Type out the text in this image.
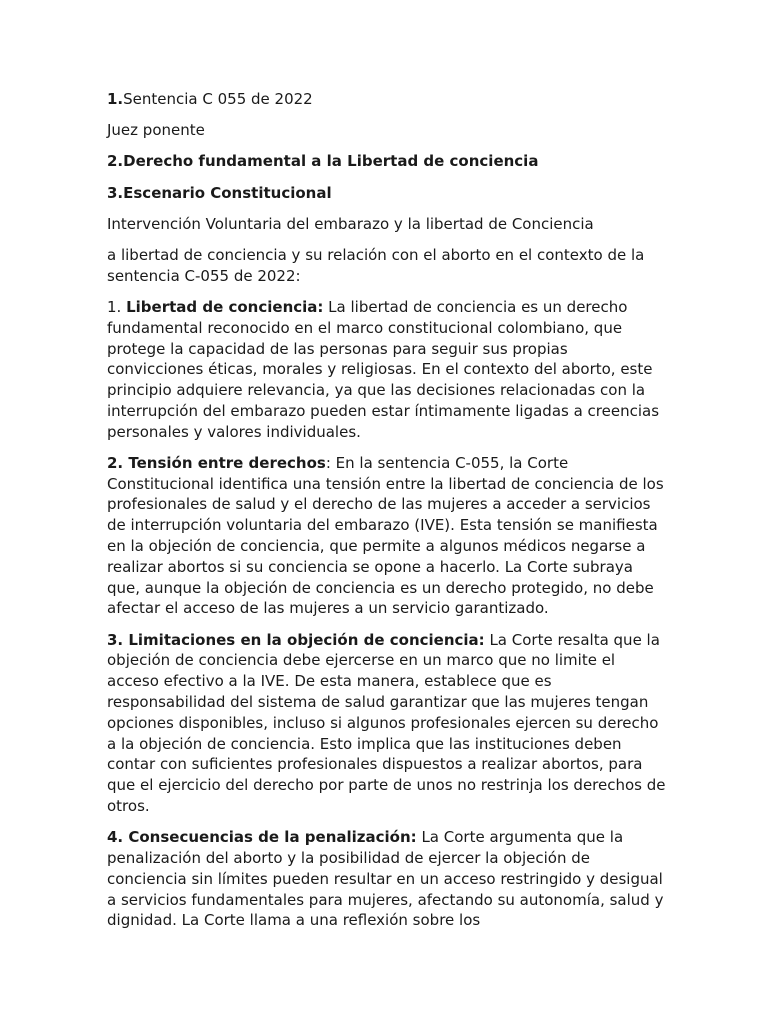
1.Sentencia C 055 de 2022

Juez ponente

2.Derecho fundamental a la Libertad de conciencia

3.Escenario Constitucional

Intervención Voluntaria del embarazo y la libertad de Conciencia

a libertad de conciencia y su relación con el aborto en el contexto de la sentencia C-055 de 2022:

1. Libertad de conciencia: La libertad de conciencia es un derecho fundamental reconocido en el marco constitucional colombiano, que protege la capacidad de las personas para seguir sus propias convicciones éticas, morales y religiosas. En el contexto del aborto, este principio adquiere relevancia, ya que las decisiones relacionadas con la interrupción del embarazo pueden estar íntimamente ligadas a creencias personales y valores individuales.

2. Tensión entre derechos: En la sentencia C-055, la Corte Constitucional identifica una tensión entre la libertad de conciencia de los profesionales de salud y el derecho de las mujeres a acceder a servicios de interrupción voluntaria del embarazo (IVE). Esta tensión se manifiesta en la objeción de conciencia, que permite a algunos médicos negarse a realizar abortos si su conciencia se opone a hacerlo. La Corte subraya que, aunque la objeción de conciencia es un derecho protegido, no debe afectar el acceso de las mujeres a un servicio garantizado.

3. Limitaciones en la objeción de conciencia: La Corte resalta que la objeción de conciencia debe ejercerse en un marco que no limite el acceso efectivo a la IVE. De esta manera, establece que es responsabilidad del sistema de salud garantizar que las mujeres tengan opciones disponibles, incluso si algunos profesionales ejercen su derecho a la objeción de conciencia. Esto implica que las instituciones deben contar con suficientes profesionales dispuestos a realizar abortos, para que el ejercicio del derecho por parte de unos no restrinja los derechos de otros.

4. Consecuencias de la penalización: La Corte argumenta que la penalización del aborto y la posibilidad de ejercer la objeción de conciencia sin límites pueden resultar en un acceso restringido y desigual a servicios fundamentales para mujeres, afectando su autonomía, salud y dignidad. La Corte llama a una reflexión sobre los
